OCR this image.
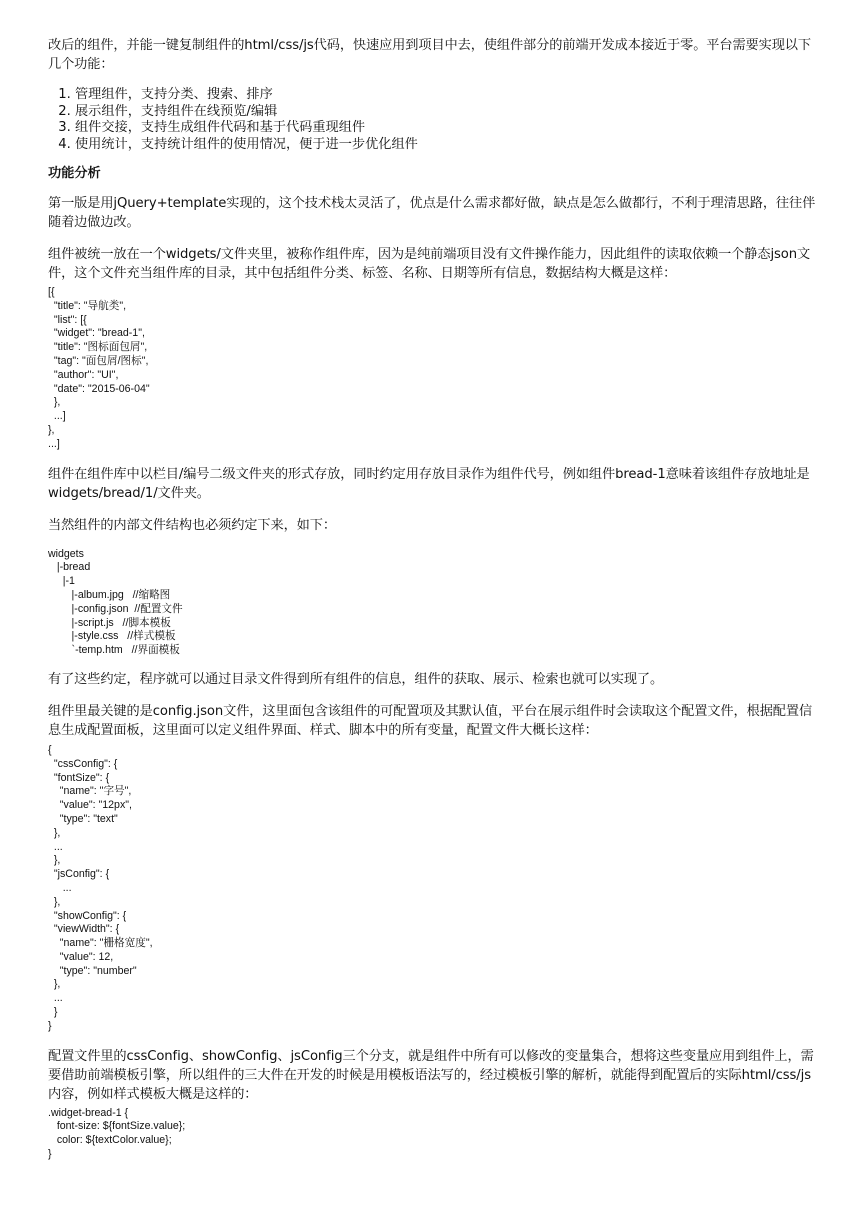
改后的组件，并能一键复制组件的html/css/js代码，快速应用到项目中去，使组件部分的前端开发成本接近于零。平台需要实现以下几个功能：

1. 管理组件，支持分类、搜索、排序
2. 展示组件，支持组件在线预览/编辑
3. 组件交接，支持生成组件代码和基于代码重现组件
4. 使用统计，支持统计组件的使用情况，便于进一步优化组件
功能分析

第一版是用jQuery+template实现的，这个技术栈太灵活了，优点是什么需求都好做，缺点是怎么做都行，不利于理清思路，往往伴随着边做边改。

组件被统一放在一个widgets/文件夹里，被称作组件库，因为是纯前端项目没有文件操作能力，因此组件的读取依赖一个静态json文件，这个文件充当组件库的目录，其中包括组件分类、标签、名称、日期等所有信息，数据结构大概是这样：

[{
"title": "导航类",
"list": [{
"widget": "bread-1",
"title": "图标面包屑",
"tag": "面包屑/图标",
"author": "UI",
"date": "2015-06-04"
},
...]
},
...]

组件在组件库中以栏目/编号二级文件夹的形式存放，同时约定用存放目录作为组件代号，例如组件bread-1意味着该组件存放地址是widgets/bread/1/文件夹。

当然组件的内部文件结构也必须约定下来，如下：

widgets
|-bread
|-1
|-album.jpg   //缩略图
|-config.json  //配置文件
|-script.js   //脚本模板
|-style.css   //样式模板
`-temp.htm   //界面模板

有了这些约定，程序就可以通过目录文件得到所有组件的信息，组件的获取、展示、检索也就可以实现了。

组件里最关键的是config.json文件，这里面包含该组件的可配置项及其默认值，平台在展示组件时会读取这个配置文件，根据配置信息生成配置面板，这里面可以定义组件界面、样式、脚本中的所有变量，配置文件大概长这样：

{
"cssConfig": {
"fontSize": {
"name": "字号",
"value": "12px",
"type": "text"
},
...
},
"jsConfig": {
...
},
"showConfig": {
"viewWidth": {
"name": "栅格宽度",
"value": 12,
"type": "number"
},
...
}
}

配置文件里的cssConfig、showConfig、jsConfig三个分支，就是组件中所有可以修改的变量集合，想将这些变量应用到组件上，需要借助前端模板引擎，所以组件的三大件在开发的时候是用模板语法写的，经过模板引擎的解析，就能得到配置后的实际html/css/js内容，例如样式模板大概是这样的：

.widget-bread-1 {
font-size: ${fontSize.value};
color: ${textColor.value};
}
